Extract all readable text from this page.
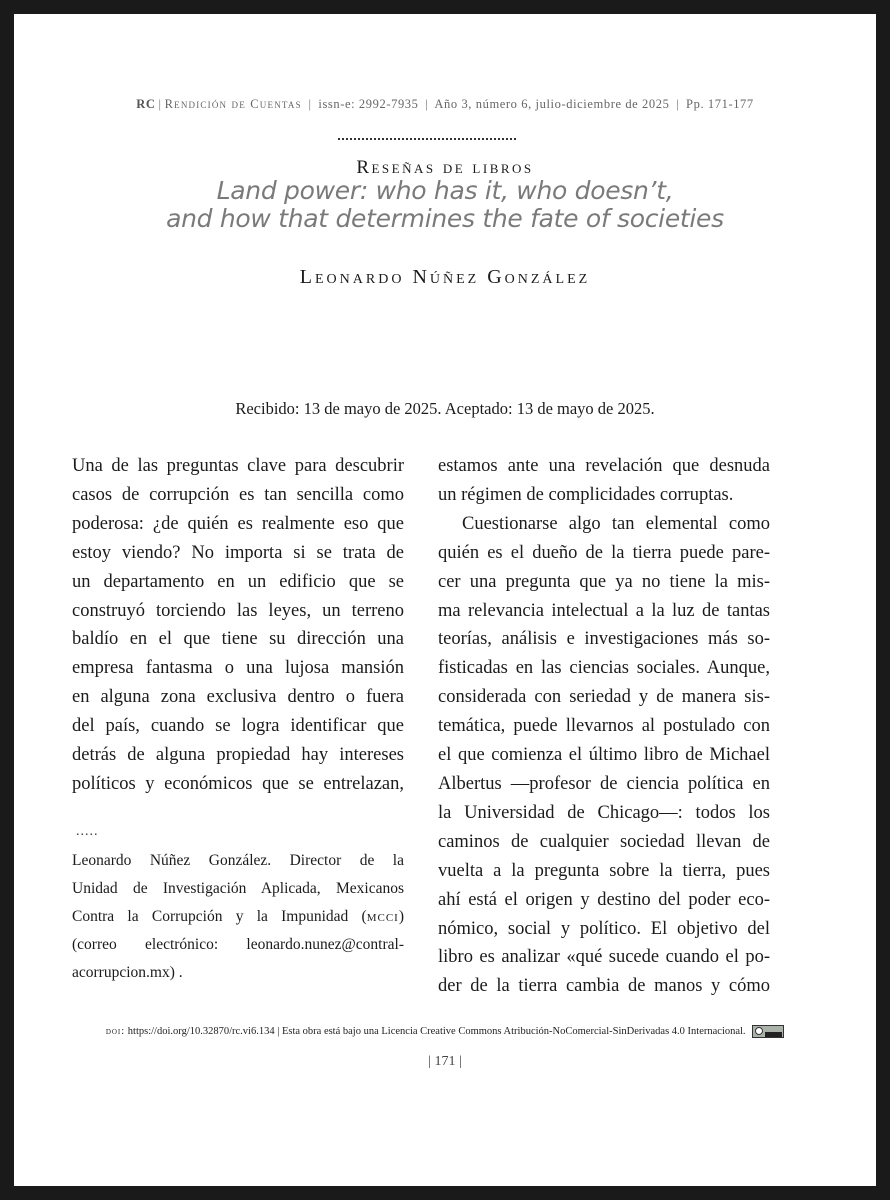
RC | Rendición de Cuentas | issn-e: 2992-7935 | Año 3, número 6, julio-diciembre de 2025 | Pp. 171-177
Reseñas de libros
Land power: who has it, who doesn’t,
and how that determines the fate of societies
Leonardo Núñez González
Recibido: 13 de mayo de 2025. Aceptado: 13 de mayo de 2025.
Una de las preguntas clave para descubrir
casos de corrupción es tan sencilla como
poderosa: ¿de quién es realmente eso que
estoy viendo? No importa si se trata de
un departamento en un edificio que se
construyó torciendo las leyes, un terreno
baldío en el que tiene su dirección una
empresa fantasma o una lujosa mansión
en alguna zona exclusiva dentro o fuera
del país, cuando se logra identificar que
detrás de alguna propiedad hay intereses
políticos y económicos que se entrelazan,
.....
Leonardo Núñez González. Director de la
Unidad de Investigación Aplicada, Mexicanos
Contra la Corrupción y la Impunidad (mcci)
(correo electrónico: leonardo.nunez@contral-
acorrupcion.mx) .
estamos ante una revelación que desnuda
un régimen de complicidades corruptas.
Cuestionarse algo tan elemental como
quién es el dueño de la tierra puede pare-
cer una pregunta que ya no tiene la mis-
ma relevancia intelectual a la luz de tantas
teorías, análisis e investigaciones más so-
fisticadas en las ciencias sociales. Aunque,
considerada con seriedad y de manera sis-
temática, puede llevarnos al postulado con
el que comienza el último libro de Michael
Albertus —profesor de ciencia política en
la Universidad de Chicago—: todos los
caminos de cualquier sociedad llevan de
vuelta a la pregunta sobre la tierra, pues
ahí está el origen y destino del poder eco-
nómico, social y político. El objetivo del
libro es analizar «qué sucede cuando el po-
der de la tierra cambia de manos y cómo
doi: https://doi.org/10.32870/rc.vi6.134 | Esta obra está bajo una Licencia Creative Commons Atribución-NoComercial-SinDerivadas 4.0 Internacional.
| 171 |
